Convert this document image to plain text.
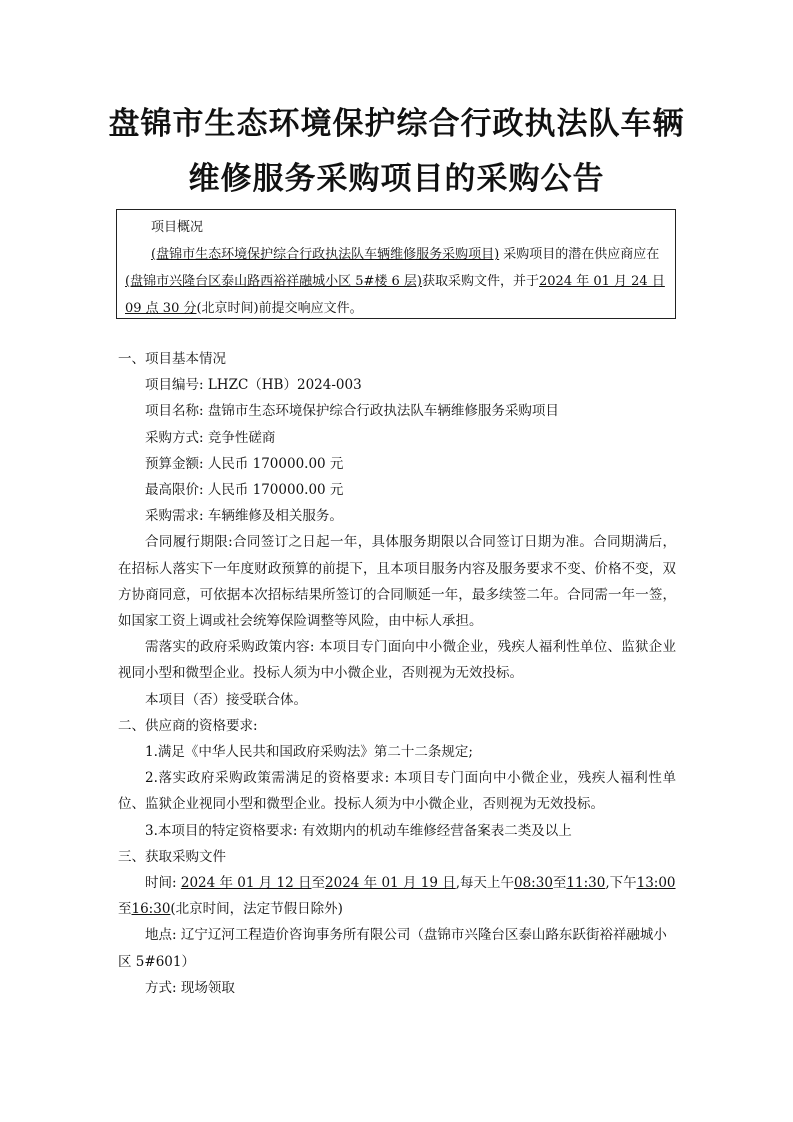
盘锦市生态环境保护综合行政执法队车辆
维修服务采购项目的采购公告

项目概况

(盘锦市生态环境保护综合行政执法队车辆维修服务采购项目) 采购项目的潜在供应商应在(盘锦市兴隆台区泰山路西裕祥融城小区 5#楼 6 层)获取采购文件，并于2024 年 01 月 24 日 09 点 30 分(北京时间)前提交响应文件。

一、项目基本情况

项目编号: LHZC（HB）2024-003

项目名称: 盘锦市生态环境保护综合行政执法队车辆维修服务采购项目

采购方式: 竞争性磋商

预算金额: 人民币 170000.00 元

最高限价: 人民币 170000.00 元

采购需求: 车辆维修及相关服务。

合同履行期限:合同签订之日起一年，具体服务期限以合同签订日期为准。合同期满后，在招标人落实下一年度财政预算的前提下，且本项目服务内容及服务要求不变、价格不变，双方协商同意，可依据本次招标结果所签订的合同顺延一年，最多续签二年。合同需一年一签，如国家工资上调或社会统筹保险调整等风险，由中标人承担。

需落实的政府采购政策内容: 本项目专门面向中小微企业，残疾人福利性单位、监狱企业视同小型和微型企业。投标人须为中小微企业，否则视为无效投标。

本项目（否）接受联合体。

二、供应商的资格要求:

1.满足《中华人民共和国政府采购法》第二十二条规定;

2.落实政府采购政策需满足的资格要求: 本项目专门面向中小微企业，残疾人福利性单位、监狱企业视同小型和微型企业。投标人须为中小微企业，否则视为无效投标。

3.本项目的特定资格要求: 有效期内的机动车维修经营备案表二类及以上

三、获取采购文件

时间: 2024 年 01 月 12 日至2024 年 01 月 19 日,每天上午08:30至11:30,下午13:00至16:30(北京时间，法定节假日除外)

地点: 辽宁辽河工程造价咨询事务所有限公司（盘锦市兴隆台区泰山路东跃街裕祥融城小区 5#601）

方式: 现场领取
